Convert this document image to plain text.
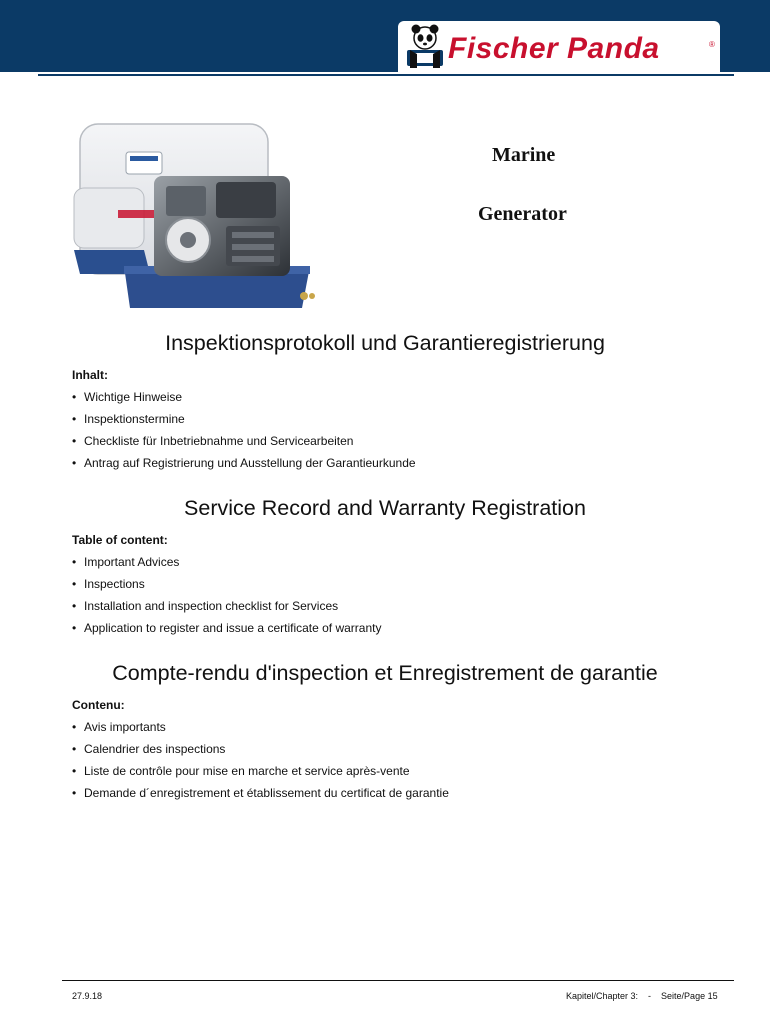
Fischer Panda	®
Marine
Generator
Inspektionsprotokoll und Garantieregistrierung
Inhalt:
• Wichtige Hinweise
• Inspektionstermine
• Checkliste für Inbetriebnahme und Servicearbeiten
• Antrag auf Registrierung und Ausstellung der Garantieurkunde
Service Record and Warranty Registration
Table of content:
• Important Advices
• Inspections
• Installation and inspection checklist for Services
• Application to register and issue a certificate of warranty
Compte-rendu d'inspection et Enregistrement de garantie
Contenu:
• Avis importants
• Calendrier des inspections
• Liste de contrôle pour mise en marche et service après-vente
• Demande d´enregistrement et établissement du certificat de garantie
27.9.18	Kapitel/Chapter 3:    -    Seite/Page 15
